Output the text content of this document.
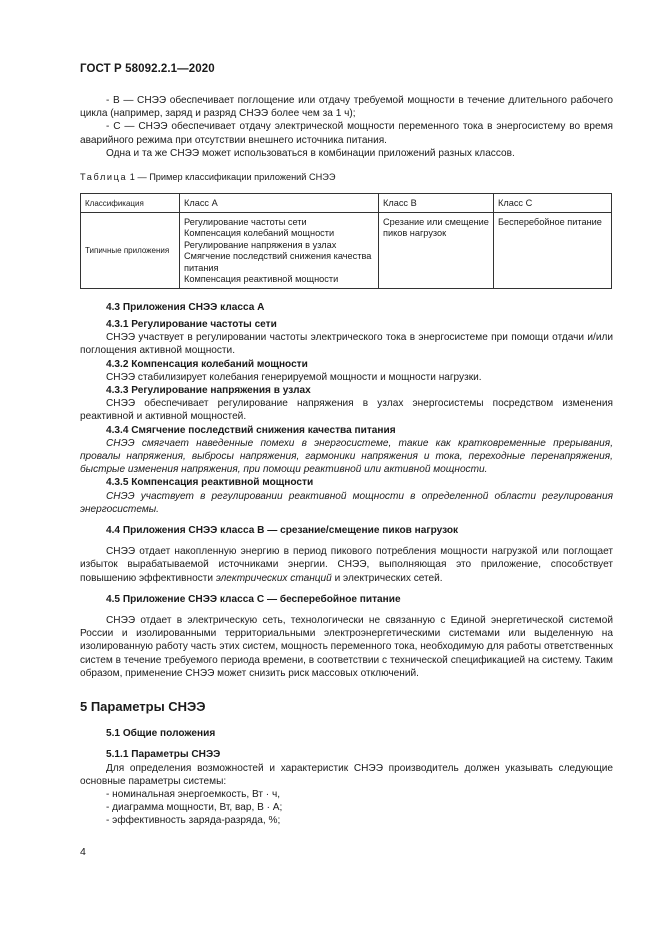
ГОСТ Р 58092.2.1—2020

- B — СНЭЭ обеспечивает поглощение или отдачу требуемой мощности в течение длительного рабочего цикла (например, заряд и разряд СНЭЭ более чем за 1 ч);

- C — СНЭЭ обеспечивает отдачу электрической мощности переменного тока в энергосистему во время аварийного режима при отсутствии внешнего источника питания.

Одна и та же СНЭЭ может использоваться в комбинации приложений разных классов.

Таблица 1 — Пример классификации приложений СНЭЭ
Классификация	Класс A	Класс B	Класс C
Типичные приложения	Регулирование частоты сети
Компенсация колебаний мощности
Регулирование напряжения в узлах
Смягчение последствий снижения качества питания
Компенсация реактивной мощности	Срезание или смещение пиков нагрузок	Бесперебойное питание

4.3 Приложения СНЭЭ класса A

4.3.1 Регулирование частоты сети

СНЭЭ участвует в регулировании частоты электрического тока в энергосистеме при помощи отдачи и/или поглощения активной мощности.

4.3.2 Компенсация колебаний мощности

СНЭЭ стабилизирует колебания генерируемой мощности и мощности нагрузки.

4.3.3 Регулирование напряжения в узлах

СНЭЭ обеспечивает регулирование напряжения в узлах энергосистемы посредством изменения реактивной и активной мощностей.

4.3.4 Смягчение последствий снижения качества питания

СНЭЭ смягчает наведенные помехи в энергосистеме, такие как кратковременные прерывания, провалы напряжения, выбросы напряжения, гармоники напряжения и тока, переходные перенапряжения, быстрые изменения напряжения, при помощи реактивной или активной мощности.

4.3.5 Компенсация реактивной мощности

СНЭЭ участвует в регулировании реактивной мощности в определенной области регулирования энергосистемы.

4.4 Приложения СНЭЭ класса B — срезание/смещение пиков нагрузок

СНЭЭ отдает накопленную энергию в период пикового потребления мощности нагрузкой или поглощает избыток вырабатываемой источниками энергии. СНЭЭ, выполняющая это приложение, способствует повышению эффективности электрических станций и электрических сетей.

4.5 Приложение СНЭЭ класса C — бесперебойное питание

СНЭЭ отдает в электрическую сеть, технологически не связанную с Единой энергетической системой России и изолированными территориальными электроэнергетическими системами или выделенную на изолированную работу часть этих систем, мощность переменного тока, необходимую для работы ответственных систем в течение требуемого периода времени, в соответствии с технической спецификацией на систему. Таким образом, применение СНЭЭ может снизить риск массовых отключений.

5 Параметры СНЭЭ

5.1 Общие положения

5.1.1 Параметры СНЭЭ

Для определения возможностей и характеристик СНЭЭ производитель должен указывать следующие основные параметры системы:

- номинальная энергоемкость, Вт · ч,

- диаграмма мощности, Вт, вар, В · А;

- эффективность заряда-разряда, %;

4
